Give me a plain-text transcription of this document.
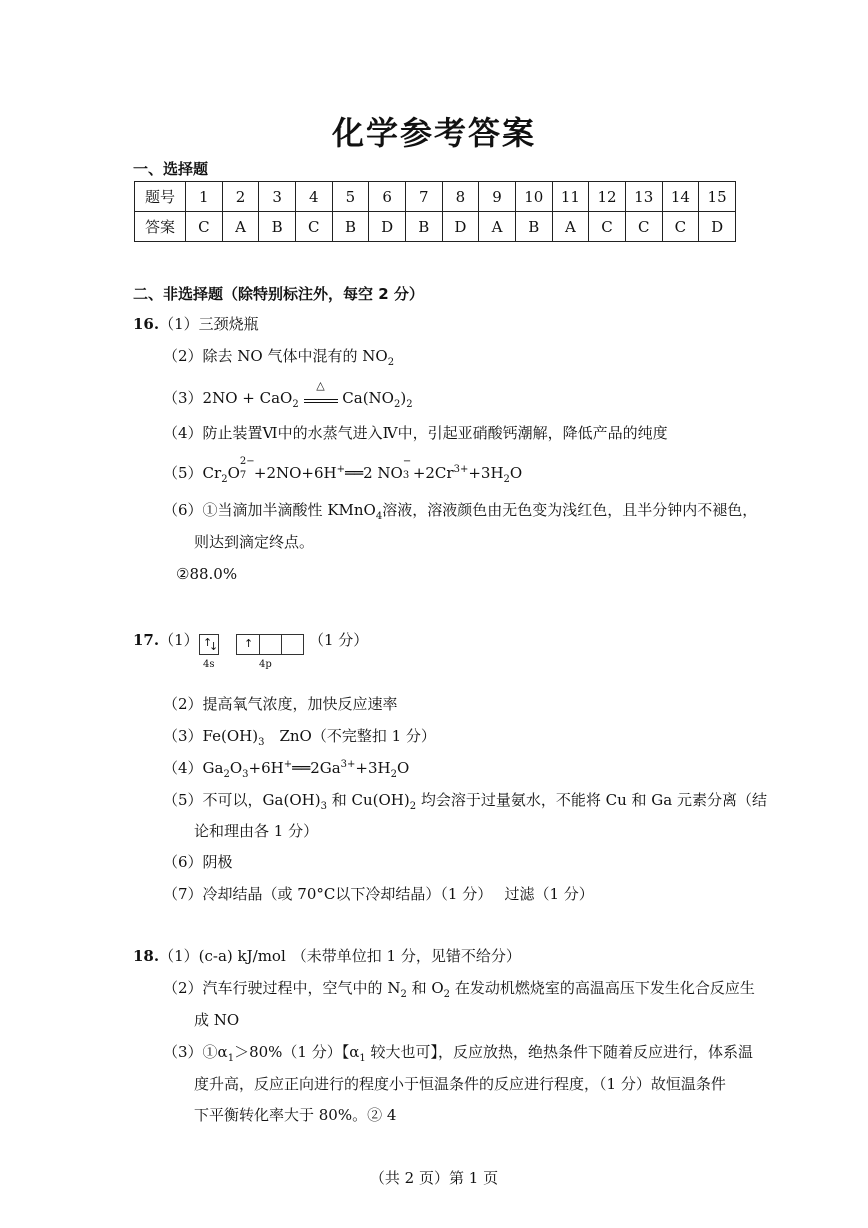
化学参考答案
一、选择题
题号	1	2	3	4	5	6	7	8	9	10	11	12	13	14	15
答案	C	A	B	C	B	D	B	D	A	B	A	C	C	C	D
二、非选择题（除特别标注外，每空 2 分）
16.（1）三颈烧瓶
（2）除去 NO 气体中混有的 $NO_2$
（3）2NO + CaO$_2$
△
$Ca(NO_2)_2$
（4）防止装置Ⅵ中的水蒸气进入Ⅳ中，引起亚硝酸钙潮解，降低产品的纯度
$(5)Cr_2O$
2−
7 +2NO+6H+══2 NO
−
$3 +2Cr^{3+}+3H_2O$
（6）①当滴加半滴酸性 KMnO$_4$溶液，溶液颜色由无色变为浅红色，且半分钟内不褪色，
则达到滴定终点。
②88.0%
17.（1） ↑
↓ ↑
4s	4p
（1 分）
（2）提高氧气浓度，加快反应速率
$(3)Fe(OH)_3$　ZnO（不完整扣 1 分）
$(4)Ga_2O_3+6H^+══2Ga^{3+}+3H_2O$
（5）不可以，$Ga(OH)_3$ 和 $Cu(OH)_2$ 均会溶于过量氨水，不能将 Cu 和 Ga 元素分离（结
论和理由各 1 分）
（6）阴极
（7）冷却结晶（或 70°C以下冷却结晶）（1 分）　 过滤（1 分）
18.（1）(c-a) kJ/mol （未带单位扣 1 分，见错不给分）
（2）汽车行驶过程中，空气中的 $N_2$ 和 $O_2$ 在发动机燃烧室的高温高压下发生化合反应生
成 NO
$(3)①\alpha_1>80\%(1$ 分）【$\alpha_1$ 较大也可】，反应放热，绝热条件下随着反应进行，体系温
度升高，反应正向进行的程度小于恒温条件的反应进行程度，（1 分）故恒温条件
下平衡转化率大于 80%。② 4
（共 2 页）第 1 页
